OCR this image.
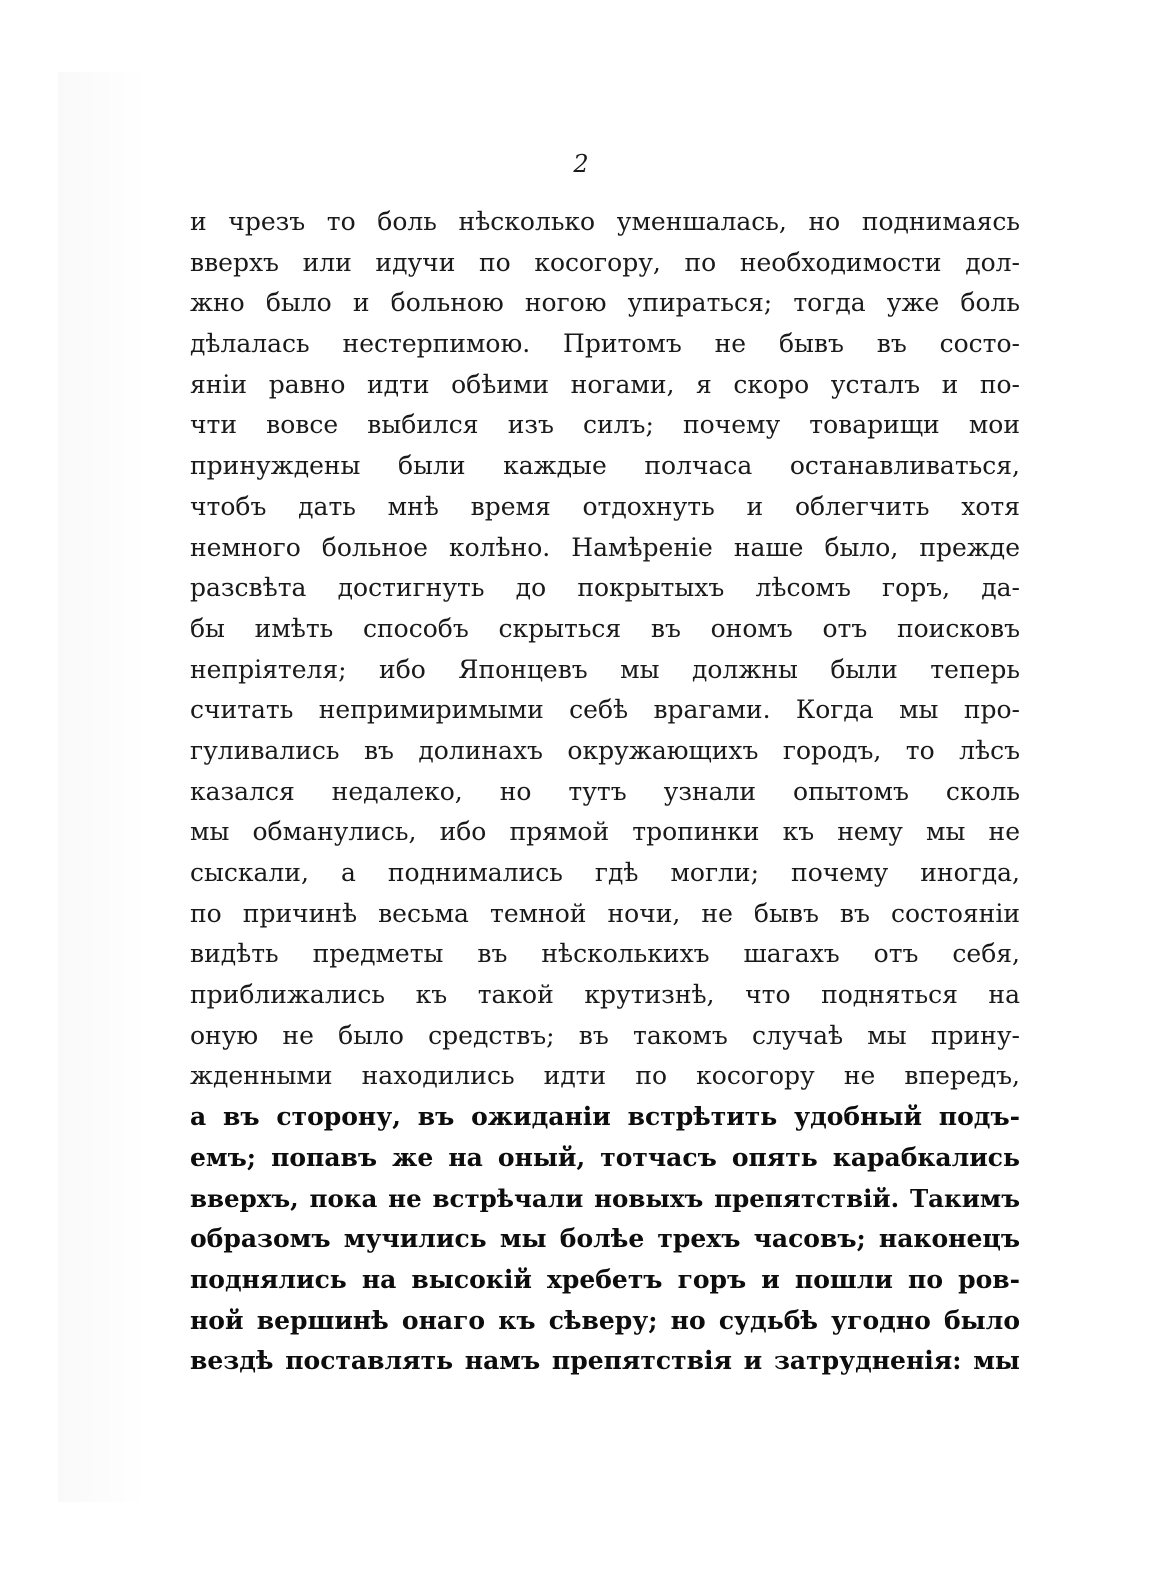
2
и чрезъ то боль нѣсколько уменшалась, но поднимаясь
вверхъ или идучи по косогору, по необходимости дол-
жно было и больною ногою упираться; тогда уже боль
дѣлалась нестерпимою. Притомъ не бывъ въ состо-
яніи равно идти обѣими ногами, я скоро усталъ и по-
чти вовсе выбился изъ силъ; почему товарищи мои
принуждены были каждые полчаса останавливаться,
чтобъ дать мнѣ время отдохнуть и облегчить хотя
немного больное колѣно. Намѣреніе наше было, прежде
разсвѣта достигнуть до покрытыхъ лѣсомъ горъ, да-
бы имѣть способъ скрыться въ ономъ отъ поисковъ
непріятеля; ибо Японцевъ мы должны были теперь
считать непримиримыми себѣ врагами. Когда мы про-
гуливались въ долинахъ окружающихъ городъ, то лѣсъ
казался недалеко, но тутъ узнали опытомъ сколь
мы обманулись, ибо прямой тропинки къ нему мы не
сыскали, а поднимались гдѣ могли; почему иногда,
по причинѣ весьма темной ночи, не бывъ въ состояніи
видѣть предметы въ нѣсколькихъ шагахъ отъ себя,
приближались къ такой крутизнѣ, что подняться на
оную не было средствъ; въ такомъ случаѣ мы прину-
жденными находились идти по косогору не впередъ,
а въ сторону, въ ожиданіи встрѣтить удобный подъ-
емъ; попавъ же на оный, тотчасъ опять карабкались
вверхъ, пока не встрѣчали новыхъ препятствій. Такимъ
образомъ мучились мы болѣе трехъ часовъ; наконецъ
поднялись на высокій хребетъ горъ и пошли по ров-
ной вершинѣ онаго къ сѣверу; но судьбѣ угодно было
вездѣ поставлять намъ препятствія и затрудненія: мы
